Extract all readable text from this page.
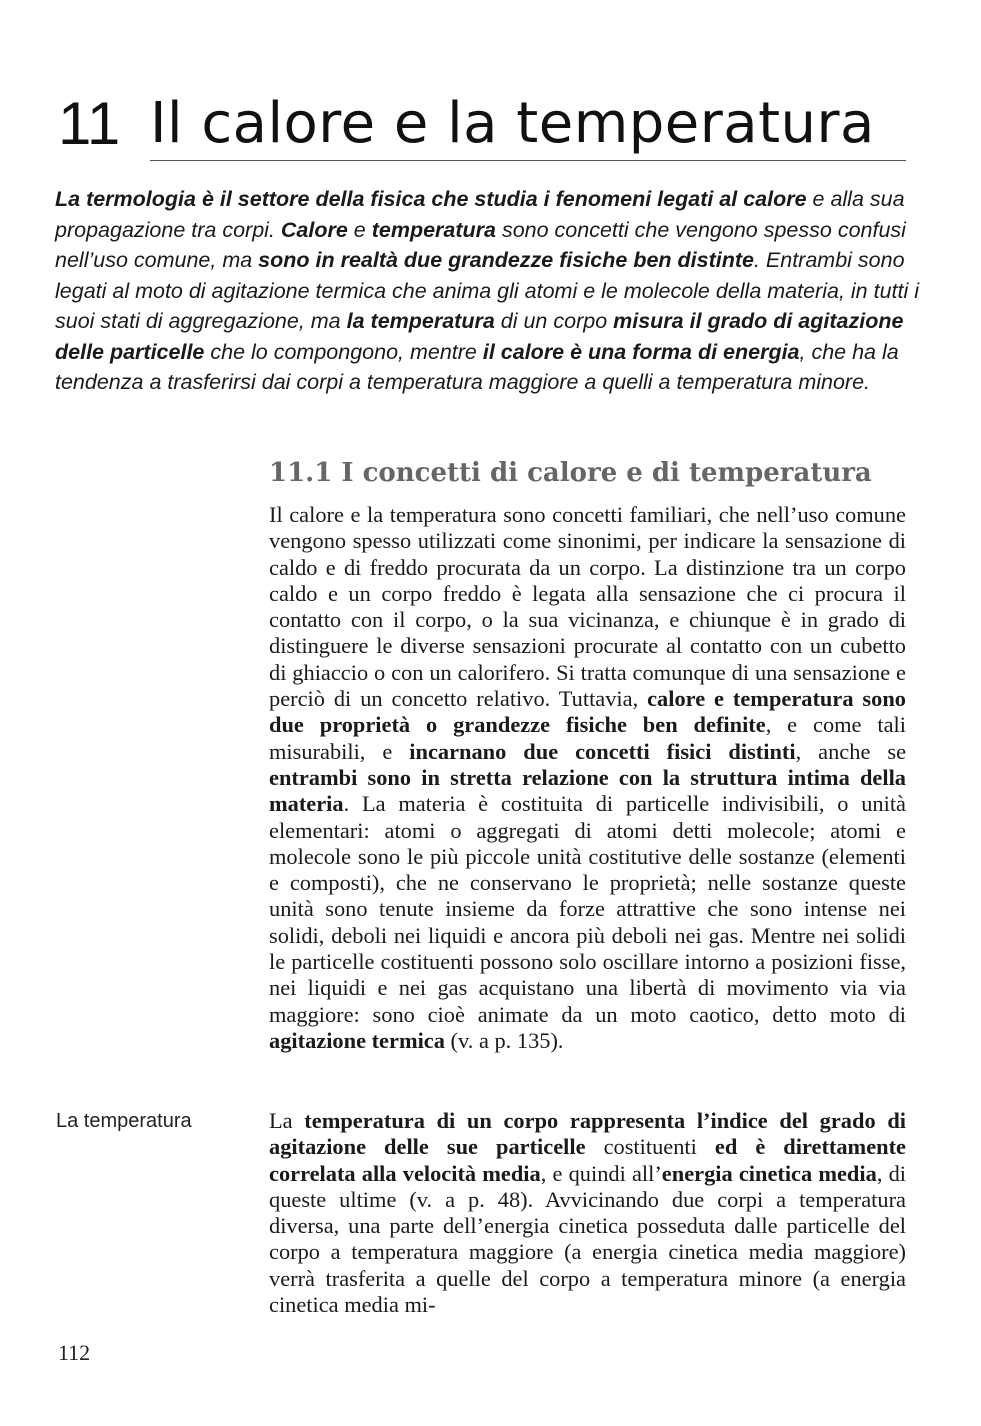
11 Il calore e la temperatura

La termologia è il settore della fisica che studia i fenomeni legati al calore e alla sua propagazione tra corpi. Calore e temperatura sono concetti che vengono spesso confusi nell’uso comune, ma sono in realtà due grandezze fisiche ben distinte. Entrambi sono legati al moto di agitazione termica che anima gli atomi e le molecole della materia, in tutti i suoi stati di aggregazione, ma la temperatura di un corpo misura il grado di agitazione delle particelle che lo compongono, mentre il calore è una forma di energia, che ha la tendenza a trasferirsi dai corpi a temperatura maggiore a quelli a temperatura minore.

11.1 I concetti di calore e di temperatura

Il calore e la temperatura sono concetti familiari, che nell’uso comune vengono spesso utilizzati come sinonimi, per indicare la sensazione di caldo e di freddo procurata da un corpo. La distinzione tra un corpo caldo e un corpo freddo è legata alla sensazione che ci procura il contatto con il corpo, o la sua vicinanza, e chiunque è in grado di distinguere le diverse sensazioni procurate al contatto con un cubetto di ghiaccio o con un calorifero. Si tratta comunque di una sensazione e perciò di un concetto relativo. Tuttavia, calore e temperatura sono due proprietà o grandezze fisiche ben definite, e come tali misurabili, e incarnano due concetti fisici distinti, anche se entrambi sono in stretta relazione con la struttura intima della materia. La materia è costituita di particelle indivisibili, o unità elementari: atomi o aggregati di atomi detti molecole; atomi e molecole sono le più piccole unità costitutive delle sostanze (elementi e composti), che ne conservano le proprietà; nelle sostanze queste unità sono tenute insieme da forze attrattive che sono intense nei solidi, deboli nei liquidi e ancora più deboli nei gas. Mentre nei solidi le particelle costituenti possono solo oscillare intorno a posizioni fisse, nei liquidi e nei gas acquistano una libertà di movimento via via maggiore: sono cioè animate da un moto caotico, detto moto di agitazione termica (v. a p. 135).

La temperatura	La temperatura di un corpo rappresenta l’indice del grado di agitazione delle sue particelle costituenti ed è direttamente correlata alla velocità media, e quindi all’energia cinetica media, di queste ultime (v. a p. 48). Avvicinando due corpi a temperatura diversa, una parte dell’energia cinetica posseduta dalle particelle del corpo a temperatura maggiore (a energia cinetica media maggiore) verrà trasferita a quelle del corpo a temperatura minore (a energia cinetica media mi-

112
